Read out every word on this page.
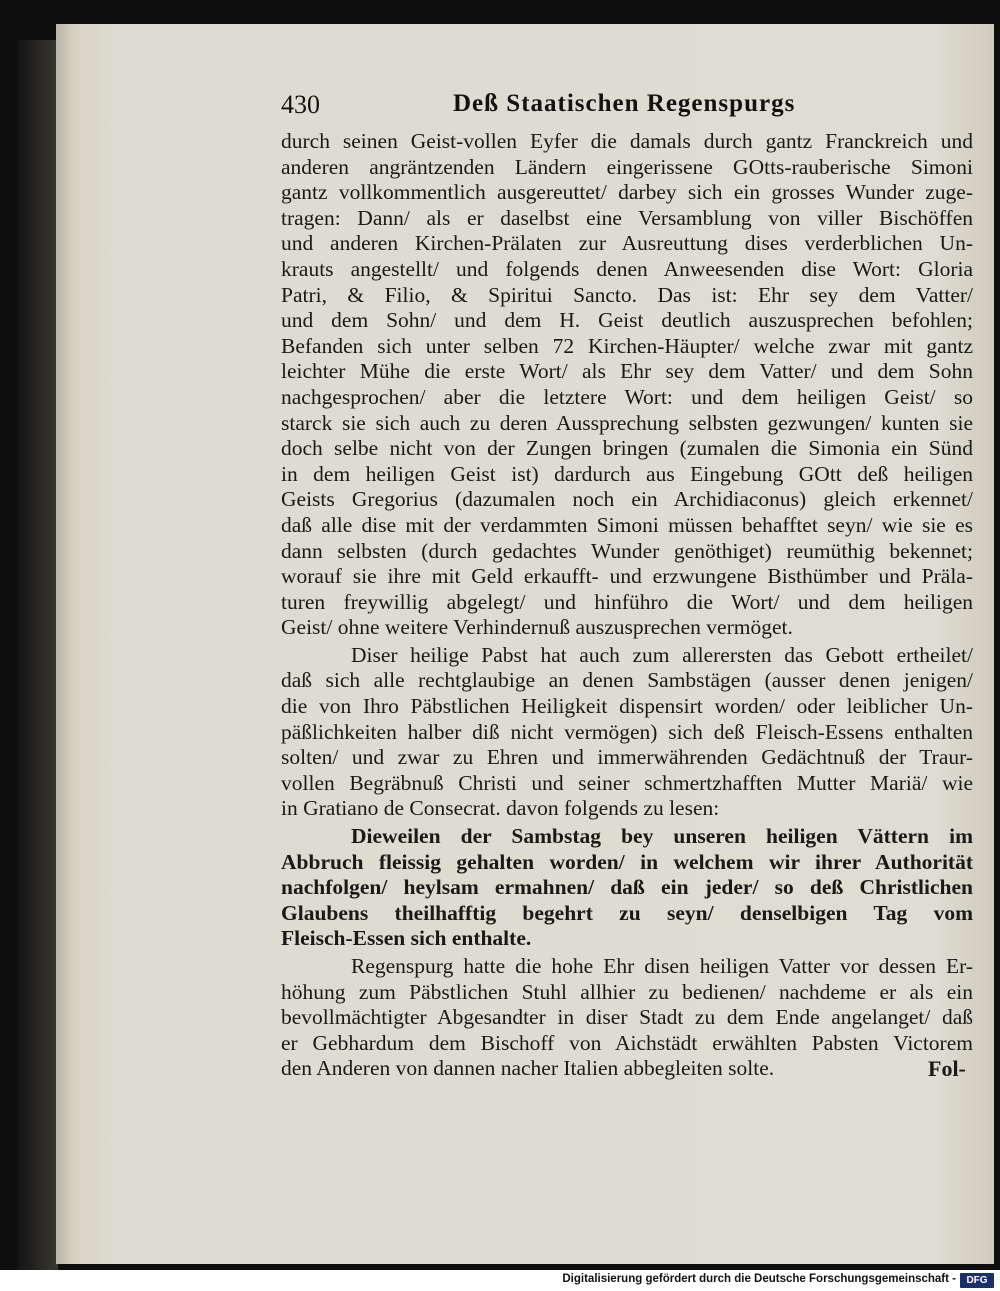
430	Deß Staatischen Regenspurgs
durch seinen Geist-vollen Eyfer die damals durch gantz Franckreich und
anderen angräntzenden Ländern eingerissene GOtts-rauberische Simoni
gantz vollkommentlich ausgereuttet/ darbey sich ein grosses Wunder zuge-
tragen: Dann/ als er daselbst eine Versamblung von viller Bischöffen
und anderen Kirchen-Prälaten zur Ausreuttung dises verderblichen Un-
krauts angestellt/ und folgends denen Anweesenden dise Wort: Gloria
Patri, & Filio, & Spiritui Sancto. Das ist: Ehr sey dem Vatter/
und dem Sohn/ und dem H. Geist deutlich auszusprechen befohlen;
Befanden sich unter selben 72 Kirchen-Häupter/ welche zwar mit gantz
leichter Mühe die erste Wort/ als Ehr sey dem Vatter/ und dem Sohn
nachgesprochen/ aber die letztere Wort: und dem heiligen Geist/ so
starck sie sich auch zu deren Aussprechung selbsten gezwungen/ kunten sie
doch selbe nicht von der Zungen bringen (zumalen die Simonia ein Sünd
in dem heiligen Geist ist) dardurch aus Eingebung GOtt deß heiligen
Geists Gregorius (dazumalen noch ein Archidiaconus) gleich erkennet/
daß alle dise mit der verdammten Simoni müssen behafftet seyn/ wie sie es
dann selbsten (durch gedachtes Wunder genöthiget) reumüthig bekennet;
worauf sie ihre mit Geld erkaufft- und erzwungene Bisthümber und Präla-
turen freywillig abgelegt/ und hinführo die Wort/ und dem heiligen
Geist/ ohne weitere Verhindernuß auszusprechen vermöget.
Diser heilige Pabst hat auch zum allerersten das Gebott ertheilet/
daß sich alle rechtglaubige an denen Sambstägen (ausser denen jenigen/
die von Ihro Päbstlichen Heiligkeit dispensirt worden/ oder leiblicher Un-
päßlichkeiten halber diß nicht vermögen) sich deß Fleisch-Essens enthalten
solten/ und zwar zu Ehren und immerwährenden Gedächtnuß der Traur-
vollen Begräbnuß Christi und seiner schmertzhafften Mutter Mariä/ wie
in Gratiano de Consecrat. davon folgends zu lesen:
Dieweilen der Sambstag bey unseren heiligen Vättern im
Abbruch fleissig gehalten worden/ in welchem wir ihrer Authorität
nachfolgen/ heylsam ermahnen/ daß ein jeder/ so deß Christlichen
Glaubens theilhafftig begehrt zu seyn/ denselbigen Tag vom
Fleisch-Essen sich enthalte.
Regenspurg hatte die hohe Ehr disen heiligen Vatter vor dessen Er-
höhung zum Päbstlichen Stuhl allhier zu bedienen/ nachdeme er als ein
bevollmächtigter Abgesandter in diser Stadt zu dem Ende angelanget/ daß
er Gebhardum dem Bischoff von Aichstädt erwählten Pabsten Victorem
den Anderen von dannen nacher Italien abbegleiten solte.	Fol-
Digitalisierung gefördert durch die Deutsche Forschungsgemeinschaft -	DFG
